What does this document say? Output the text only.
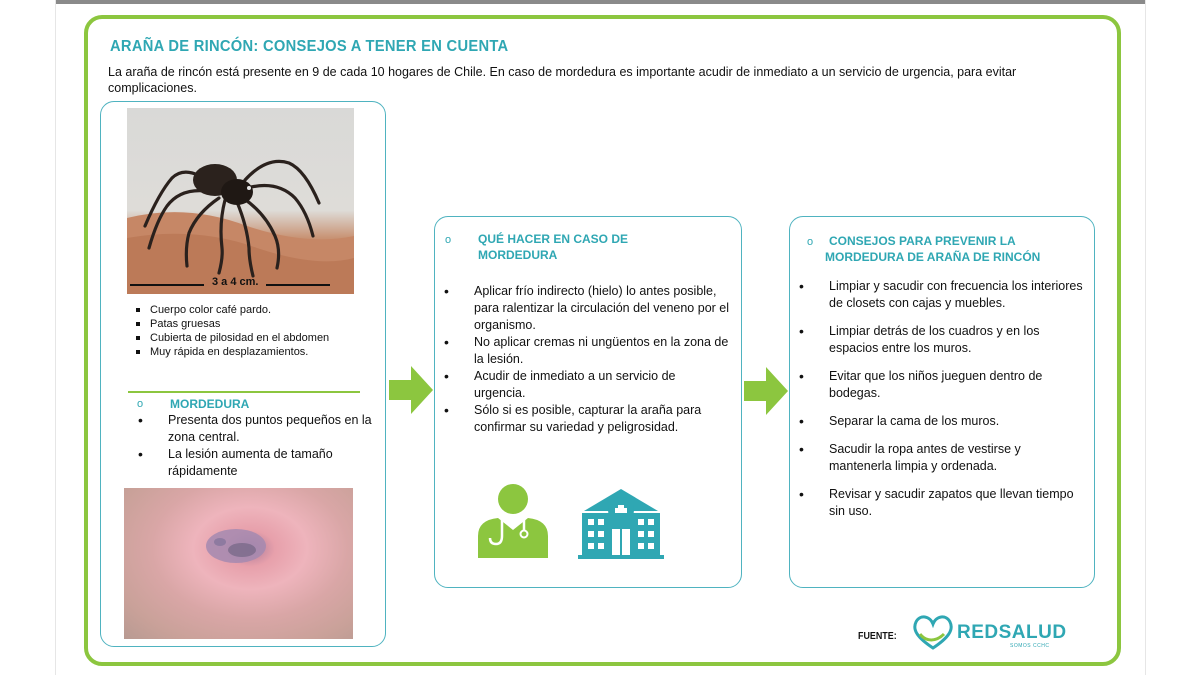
ARAÑA DE RINCÓN: CONSEJOS A TENER EN CUENTA
La araña de rincón está presente en 9 de cada 10 hogares de Chile. En caso de mordedura es importante acudir de inmediato a un servicio de urgencia, para evitar complicaciones.
3 a 4 cm.
Cuerpo color café pardo.
Patas gruesas
Cubierta de pilosidad en el abdomen
Muy rápida en desplazamientos.
o MORDEDURA
• Presenta dos puntos pequeños en la zona central.
• La lesión aumenta de tamaño rápidamente
o QUÉ HACER EN CASO DE MORDEDURA
• Aplicar frío indirecto (hielo) lo antes posible, para ralentizar la circulación del veneno por el organismo.
• No aplicar cremas ni ungüentos en la zona de la lesión.
• Acudir de inmediato a un servicio de urgencia.
• Sólo si es posible, capturar la araña para confirmar su variedad y peligrosidad.
o	CONSEJOS PARA PREVENIR LA MORDEDURA DE ARAÑA DE RINCÓN
• Limpiar y sacudir con frecuencia los interiores de closets con cajas y muebles.
• Limpiar detrás de los cuadros y en los espacios entre los muros.
• Evitar que los niños jueguen dentro de bodegas.
• Separar la cama de los muros.
• Sacudir la ropa antes de vestirse y mantenerla limpia y ordenada.
• Revisar y sacudir zapatos que llevan tiempo sin uso.
FUENTE:	REDSALUD
SOMOS CCHC
